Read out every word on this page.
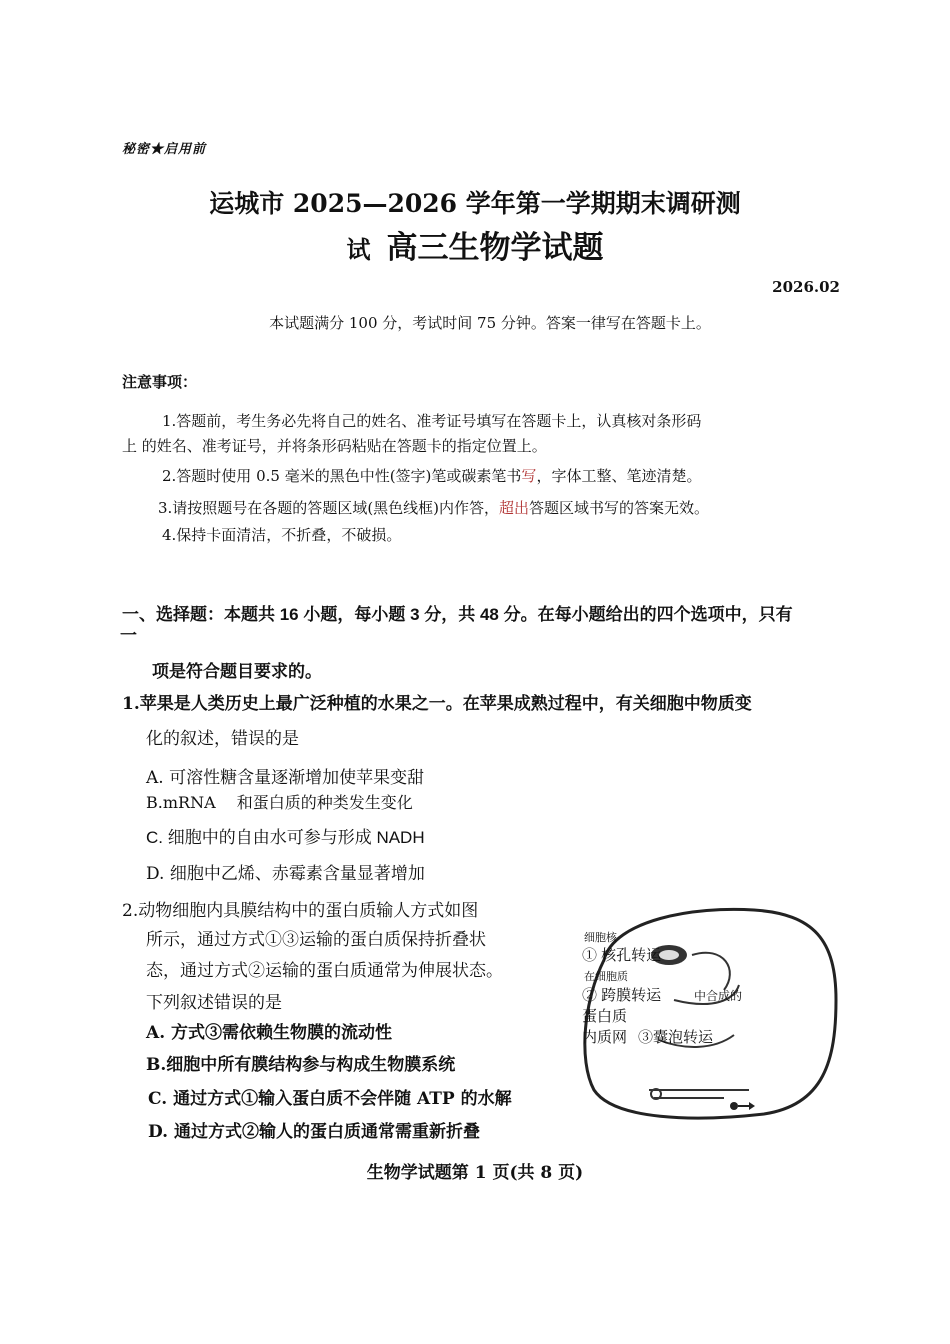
秘密★启用前
运城市 2025—2026 学年第一学期期末调研测
试 高三生物学试题
2026.02
本试题满分 100 分，考试时间 75 分钟。答案一律写在答题卡上。
注意事项：
1.答题前，考生务必先将自己的姓名、准考证号填写在答题卡上，认真核对条形码
上 的姓名、准考证号，并将条形码粘贴在答题卡的指定位置上。
2.答题时使用 0.5 毫米的黑色中性(签字)笔或碳素笔书写，字体工整、笔迹清楚。
3.请按照题号在各题的答题区域(黑色线框)内作答，超出答题区域书写的答案无效。
4.保持卡面清洁，不折叠，不破损。
一、选择题：本题共 16 小题，每小题 3 分，共 48 分。在每小题给出的四个选项中，只有
一
项是符合题目要求的。
1.苹果是人类历史上最广泛种植的水果之一。在苹果成熟过程中，有关细胞中物质变
化的叙述，错误的是
A. 可溶性糖含量逐渐增加使苹果变甜
B.mRNA　 和蛋白质的种类发生变化
C. 细胞中的自由水可参与形成 NADH
D. 细胞中乙烯、赤霉素含量显著增加
2.动物细胞内具膜结构中的蛋白质输人方式如图
所示，通过方式①③运输的蛋白质保持折叠状
态，通过方式②运输的蛋白质通常为伸展状态。
下列叙述错误的是
A. 方式③需依赖生物膜的流动性
B.细胞中所有膜结构参与构成生物膜系统
C. 通过方式①输入蛋白质不会伴随 ATP 的水解
D. 通过方式②输人的蛋白质通常需重新折叠
细胞核
① 核孔转运
在细胞质
② 跨膜转运	中合成的
蛋白质
内质网 ③囊泡转运
生物学试题第 1 页(共 8 页)
